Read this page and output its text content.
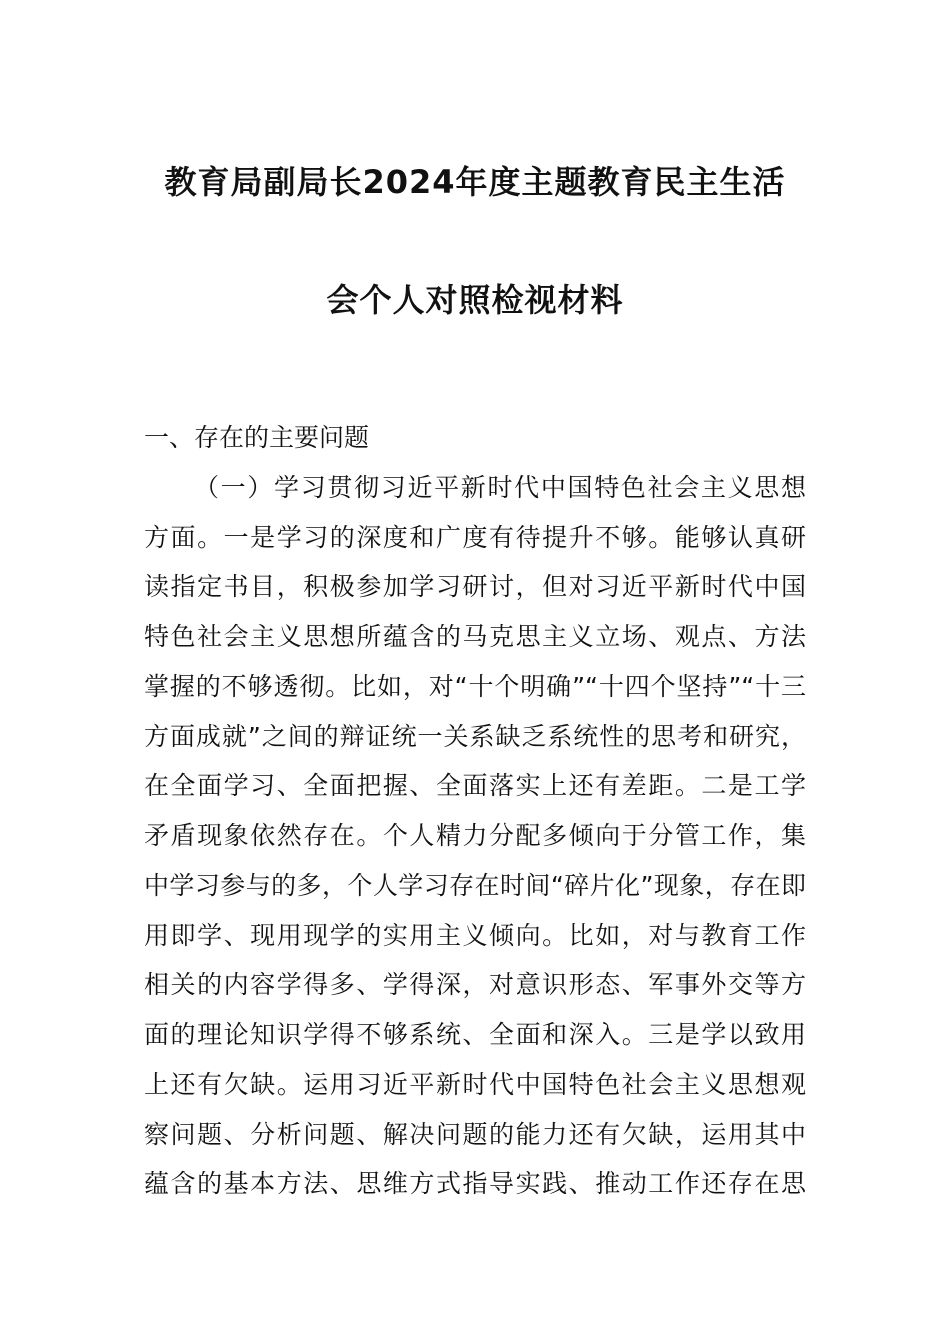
教育局副局长2024年度主题教育民主生活
会个人对照检视材料
一、存在的主要问题
（一）学习贯彻习近平新时代中国特色社会主义思想
方面。一是学习的深度和广度有待提升不够。能够认真研
读指定书目，积极参加学习研讨，但对习近平新时代中国
特色社会主义思想所蕴含的马克思主义立场、观点、方法
掌握的不够透彻。比如，对“十个明确”“十四个坚持”“十三
方面成就”之间的辩证统一关系缺乏系统性的思考和研究，
在全面学习、全面把握、全面落实上还有差距。二是工学
矛盾现象依然存在。个人精力分配多倾向于分管工作，集
中学习参与的多，个人学习存在时间“碎片化”现象，存在即
用即学、现用现学的实用主义倾向。比如，对与教育工作
相关的内容学得多、学得深，对意识形态、军事外交等方
面的理论知识学得不够系统、全面和深入。三是学以致用
上还有欠缺。运用习近平新时代中国特色社会主义思想观
察问题、分析问题、解决问题的能力还有欠缺，运用其中
蕴含的基本方法、思维方式指导实践、推动工作还存在思
